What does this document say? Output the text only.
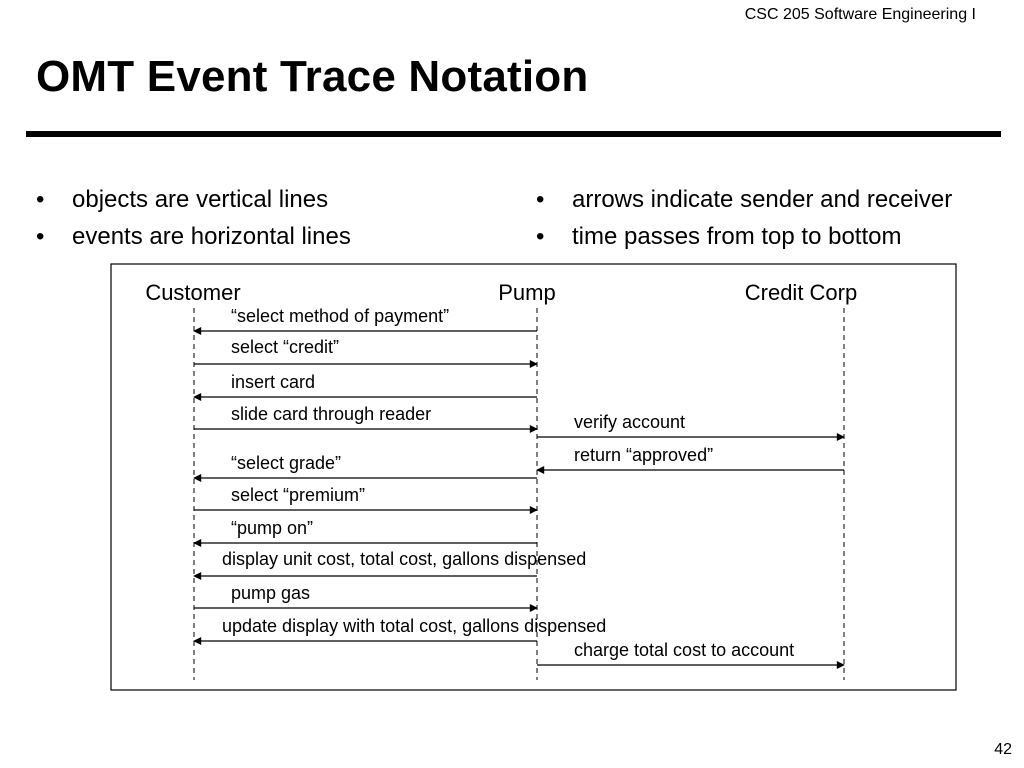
CSC 205 Software Engineering I
OMT Event Trace Notation
• objects are vertical lines
• events are horizontal lines
• arrows indicate sender and receiver
• time passes from top to bottom
Customer	Pump	Credit Corp
“select method of payment”
select “credit”
insert card
slide card through reader	verify account
return “approved”
“select grade”
select “premium”
“pump on”
display unit cost, total cost, gallons dispensed
pump gas
update display with total cost, gallons dispensed
charge total cost to account
42
